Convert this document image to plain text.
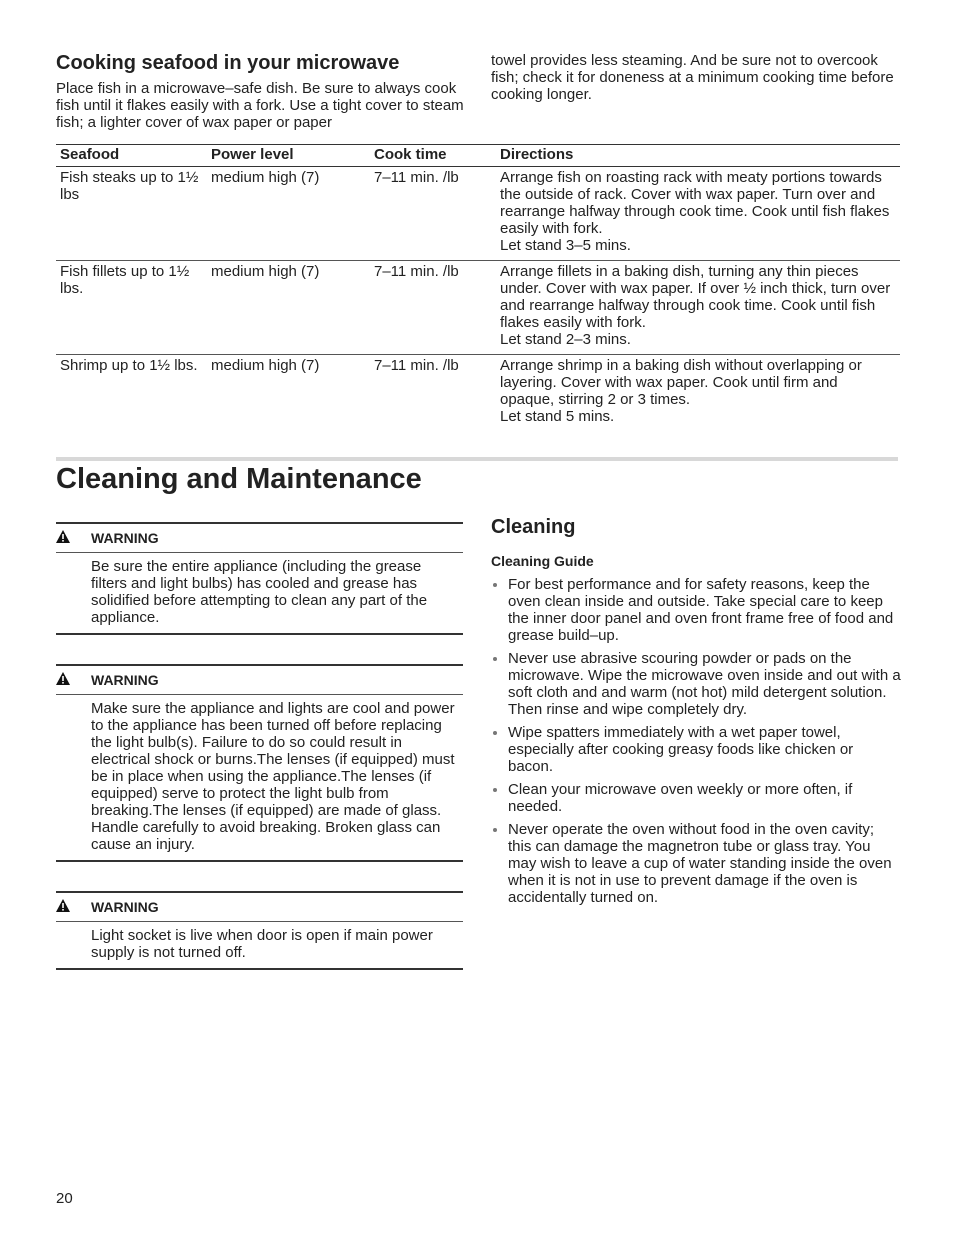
Cooking seafood in your microwave

Place fish in a microwave‒safe dish. Be sure to always cook fish until it flakes easily with a fork. Use a tight cover to steam fish; a lighter cover of wax paper or paper

towel provides less steaming. And be sure not to overcook fish; check it for doneness at a minimum cooking time before cooking longer.

Seafood	Power level	Cook time	Directions
Fish steaks up to 1½ lbs	medium high (7)	7‒11 min. /lb	Arrange fish on roasting rack with meaty portions towards the outside of rack. Cover with wax paper. Turn over and rearrange halfway through cook time. Cook until fish flakes easily with fork.
Let stand 3‒5 mins.

Fish fillets up to 1½ lbs.	medium high (7)	7‒11 min. /lb	Arrange fillets in a baking dish, turning any thin pieces under. Cover with wax paper. If over ½ inch thick, turn over and rearrange halfway through cook time. Cook until fish flakes easily with fork.
Let stand 2‒3 mins.

Shrimp up to 1½ lbs.	medium high (7)	7‒11 min. /lb	Arrange shrimp in a baking dish without overlapping or layering. Cover with wax paper. Cook until firm and opaque, stirring 2 or 3 times.
Let stand 5 mins.
Cleaning and Maintenance
WARNING

Be sure the entire appliance (including the grease filters and light bulbs) has cooled and grease has solidified before attempting to clean any part of the appliance.

WARNING

Make sure the appliance and lights are cool and power to the appliance has been turned off before replacing the light bulb(s). Failure to do so could result in electrical shock or burns.The lenses (if equipped) must be in place when using the appliance.The lenses (if equipped) serve to protect the light bulb from breaking.The lenses (if equipped) are made of glass. Handle carefully to avoid breaking. Broken glass can cause an injury.

WARNING

Light socket is live when door is open if main power supply is not turned off.

Cleaning
Cleaning Guide
For best performance and for safety reasons, keep the oven clean inside and outside. Take special care to keep the inner door panel and oven front frame free of food and grease build‒up.
Never use abrasive scouring powder or pads on the microwave. Wipe the microwave oven inside and out with a soft cloth and and warm (not hot) mild detergent solution. Then rinse and wipe completely dry.
Wipe spatters immediately with a wet paper towel, especially after cooking greasy foods like chicken or bacon.
Clean your microwave oven weekly or more often, if needed.
Never operate the oven without food in the oven cavity; this can damage the magnetron tube or glass tray. You may wish to leave a cup of water standing inside the oven when it is not in use to prevent damage if the oven is accidentally turned on.
20
